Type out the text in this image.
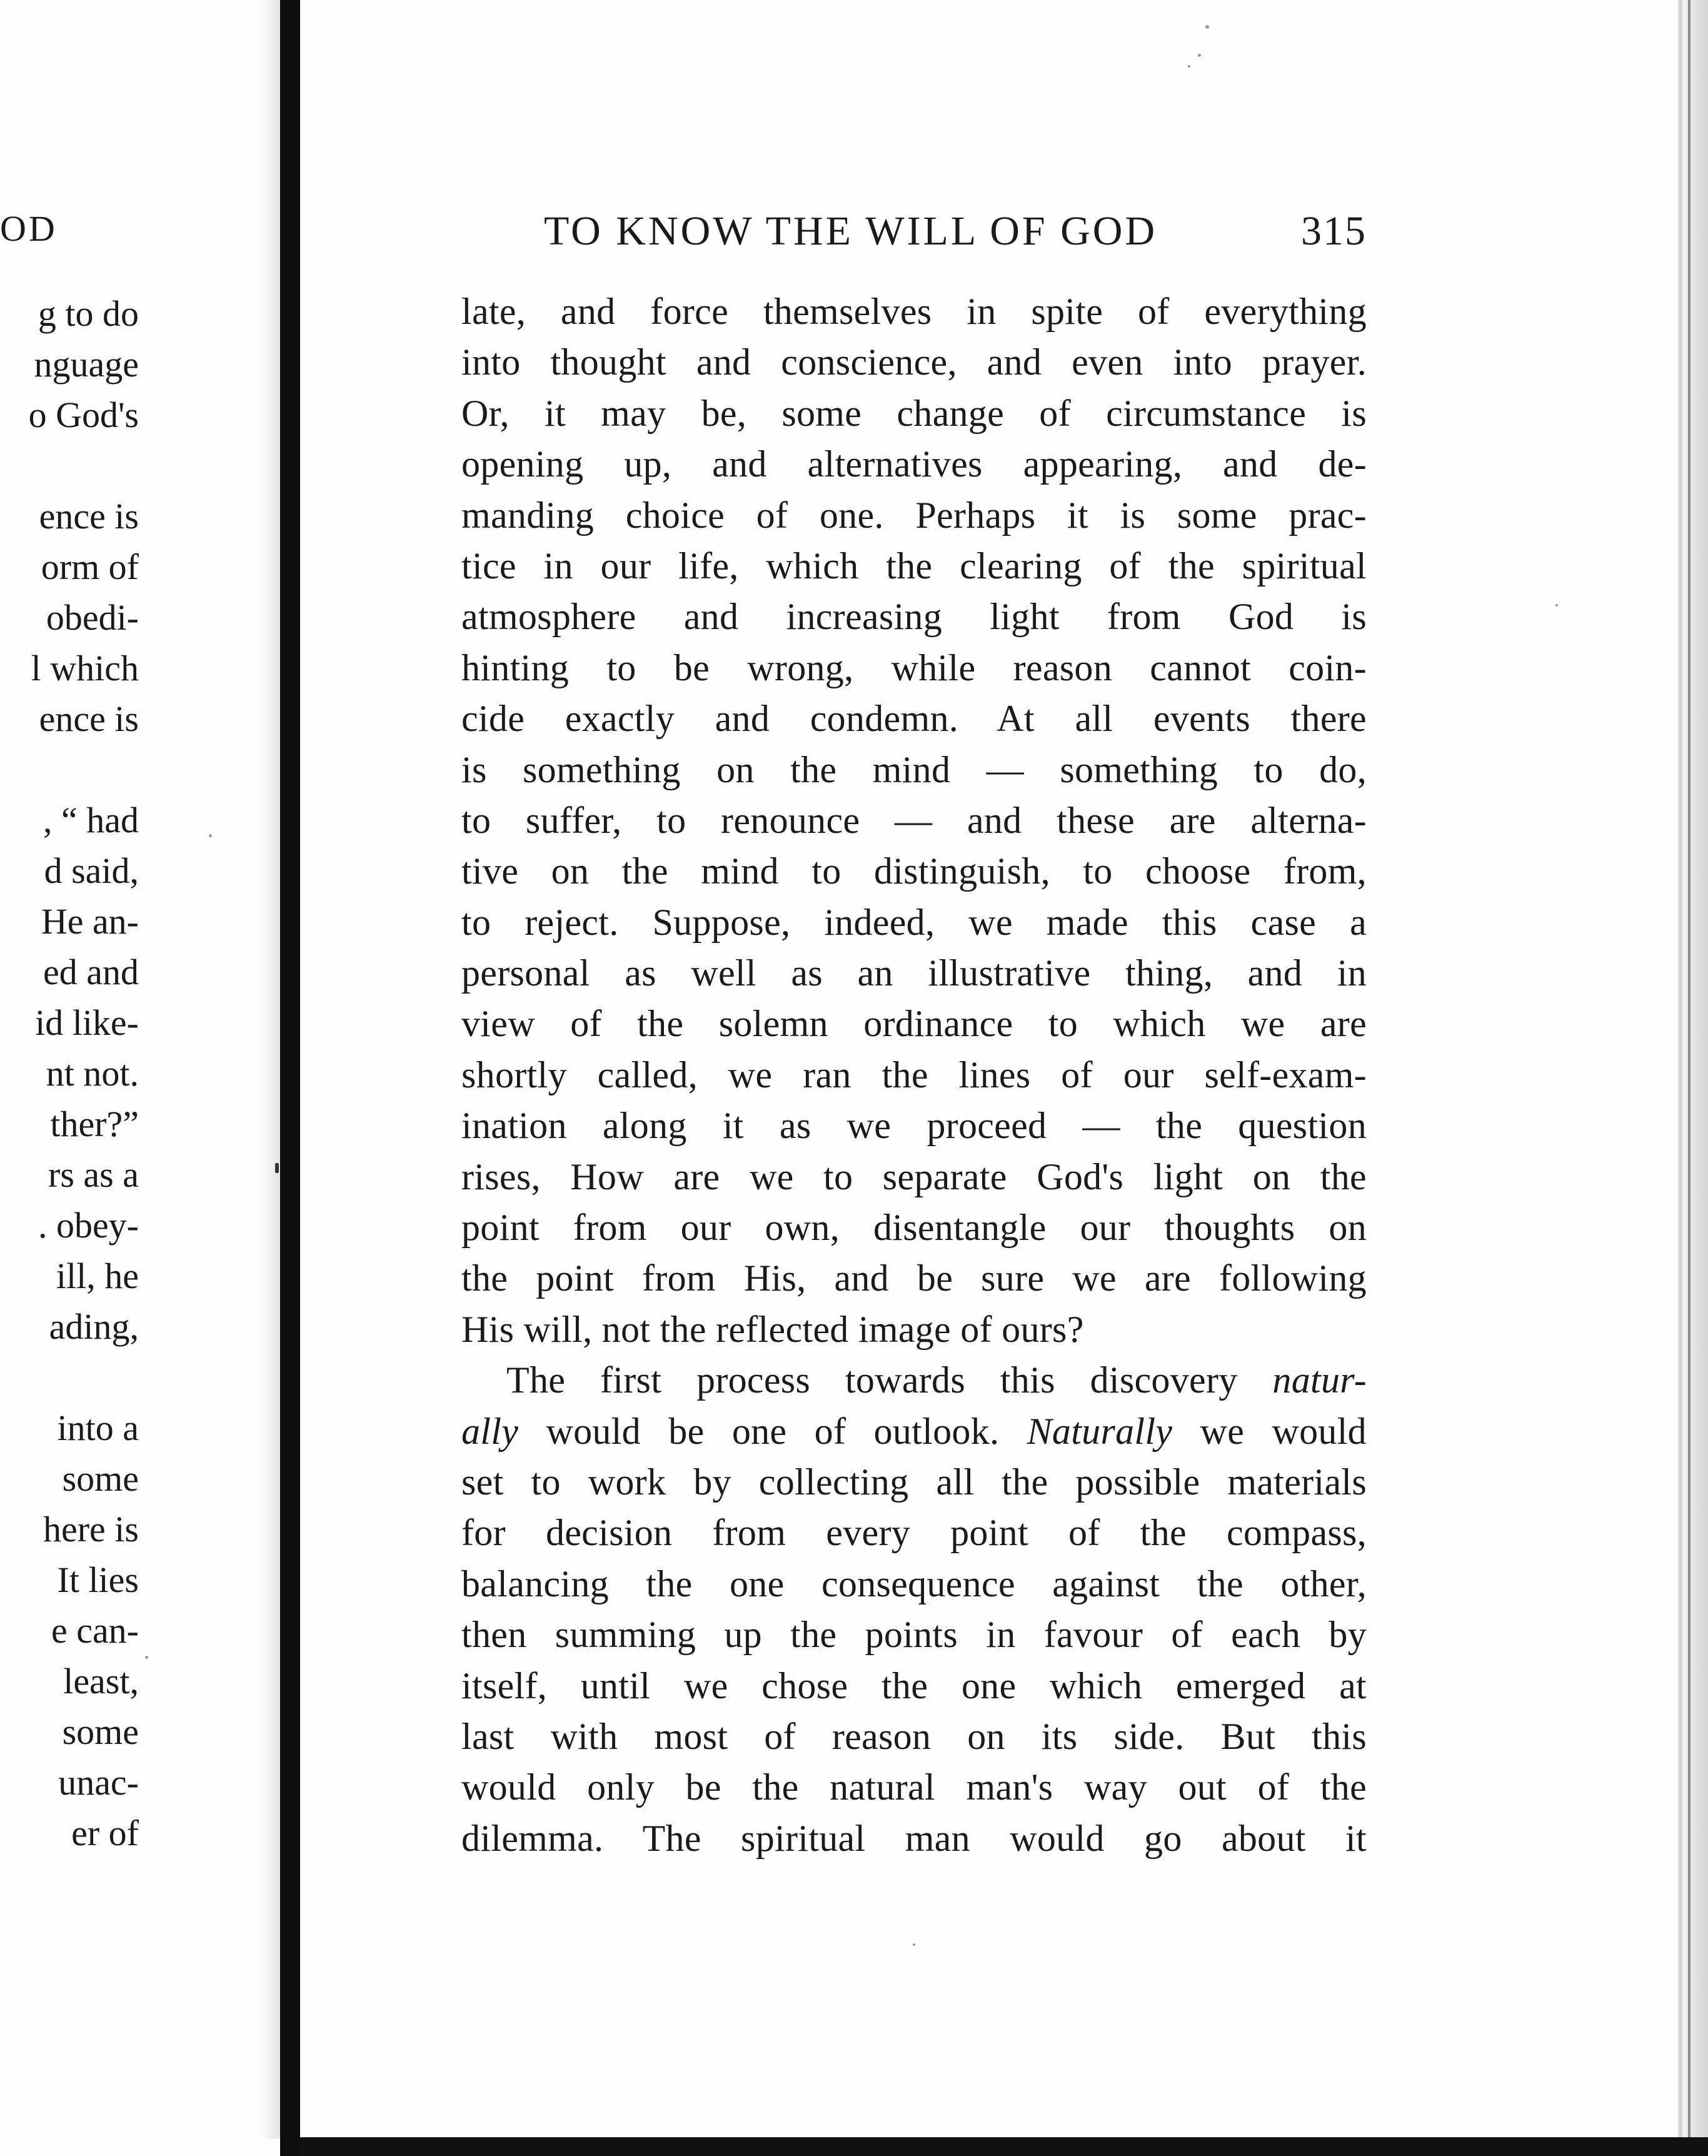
OD
g to do
nguage
o God's
ence is
orm of
obedi-
l which
ence is
, “ had
d said,
He an-
ed and
id like-
nt not.
ther?”
rs as a
. obey-
ill, he
ading,
into a
some
here is
It lies
e can-
least,
some
unac-
er of
TO KNOW THE WILL OF GOD	315
late, and force themselves in spite of everything
into thought and conscience, and even into prayer.
Or, it may be, some change of circumstance is
opening up, and alternatives appearing, and de-
manding choice of one. Perhaps it is some prac-
tice in our life, which the clearing of the spiritual
atmosphere and increasing light from God is
hinting to be wrong, while reason cannot coin-
cide exactly and condemn. At all events there
is something on the mind — something to do,
to suffer, to renounce — and these are alterna-
tive on the mind to distinguish, to choose from,
to reject. Suppose, indeed, we made this case a
personal as well as an illustrative thing, and in
view of the solemn ordinance to which we are
shortly called, we ran the lines of our self-exam-
ination along it as we proceed — the question
rises, How are we to separate God's light on the
point from our own, disentangle our thoughts on
the point from His, and be sure we are following
His will, not the reflected image of ours?
The first process towards this discovery natur-
ally would be one of outlook. Naturally we would
set to work by collecting all the possible materials
for decision from every point of the compass,
balancing the one consequence against the other,
then summing up the points in favour of each by
itself, until we chose the one which emerged at
last with most of reason on its side. But this
would only be the natural man's way out of the
dilemma. The spiritual man would go about it
